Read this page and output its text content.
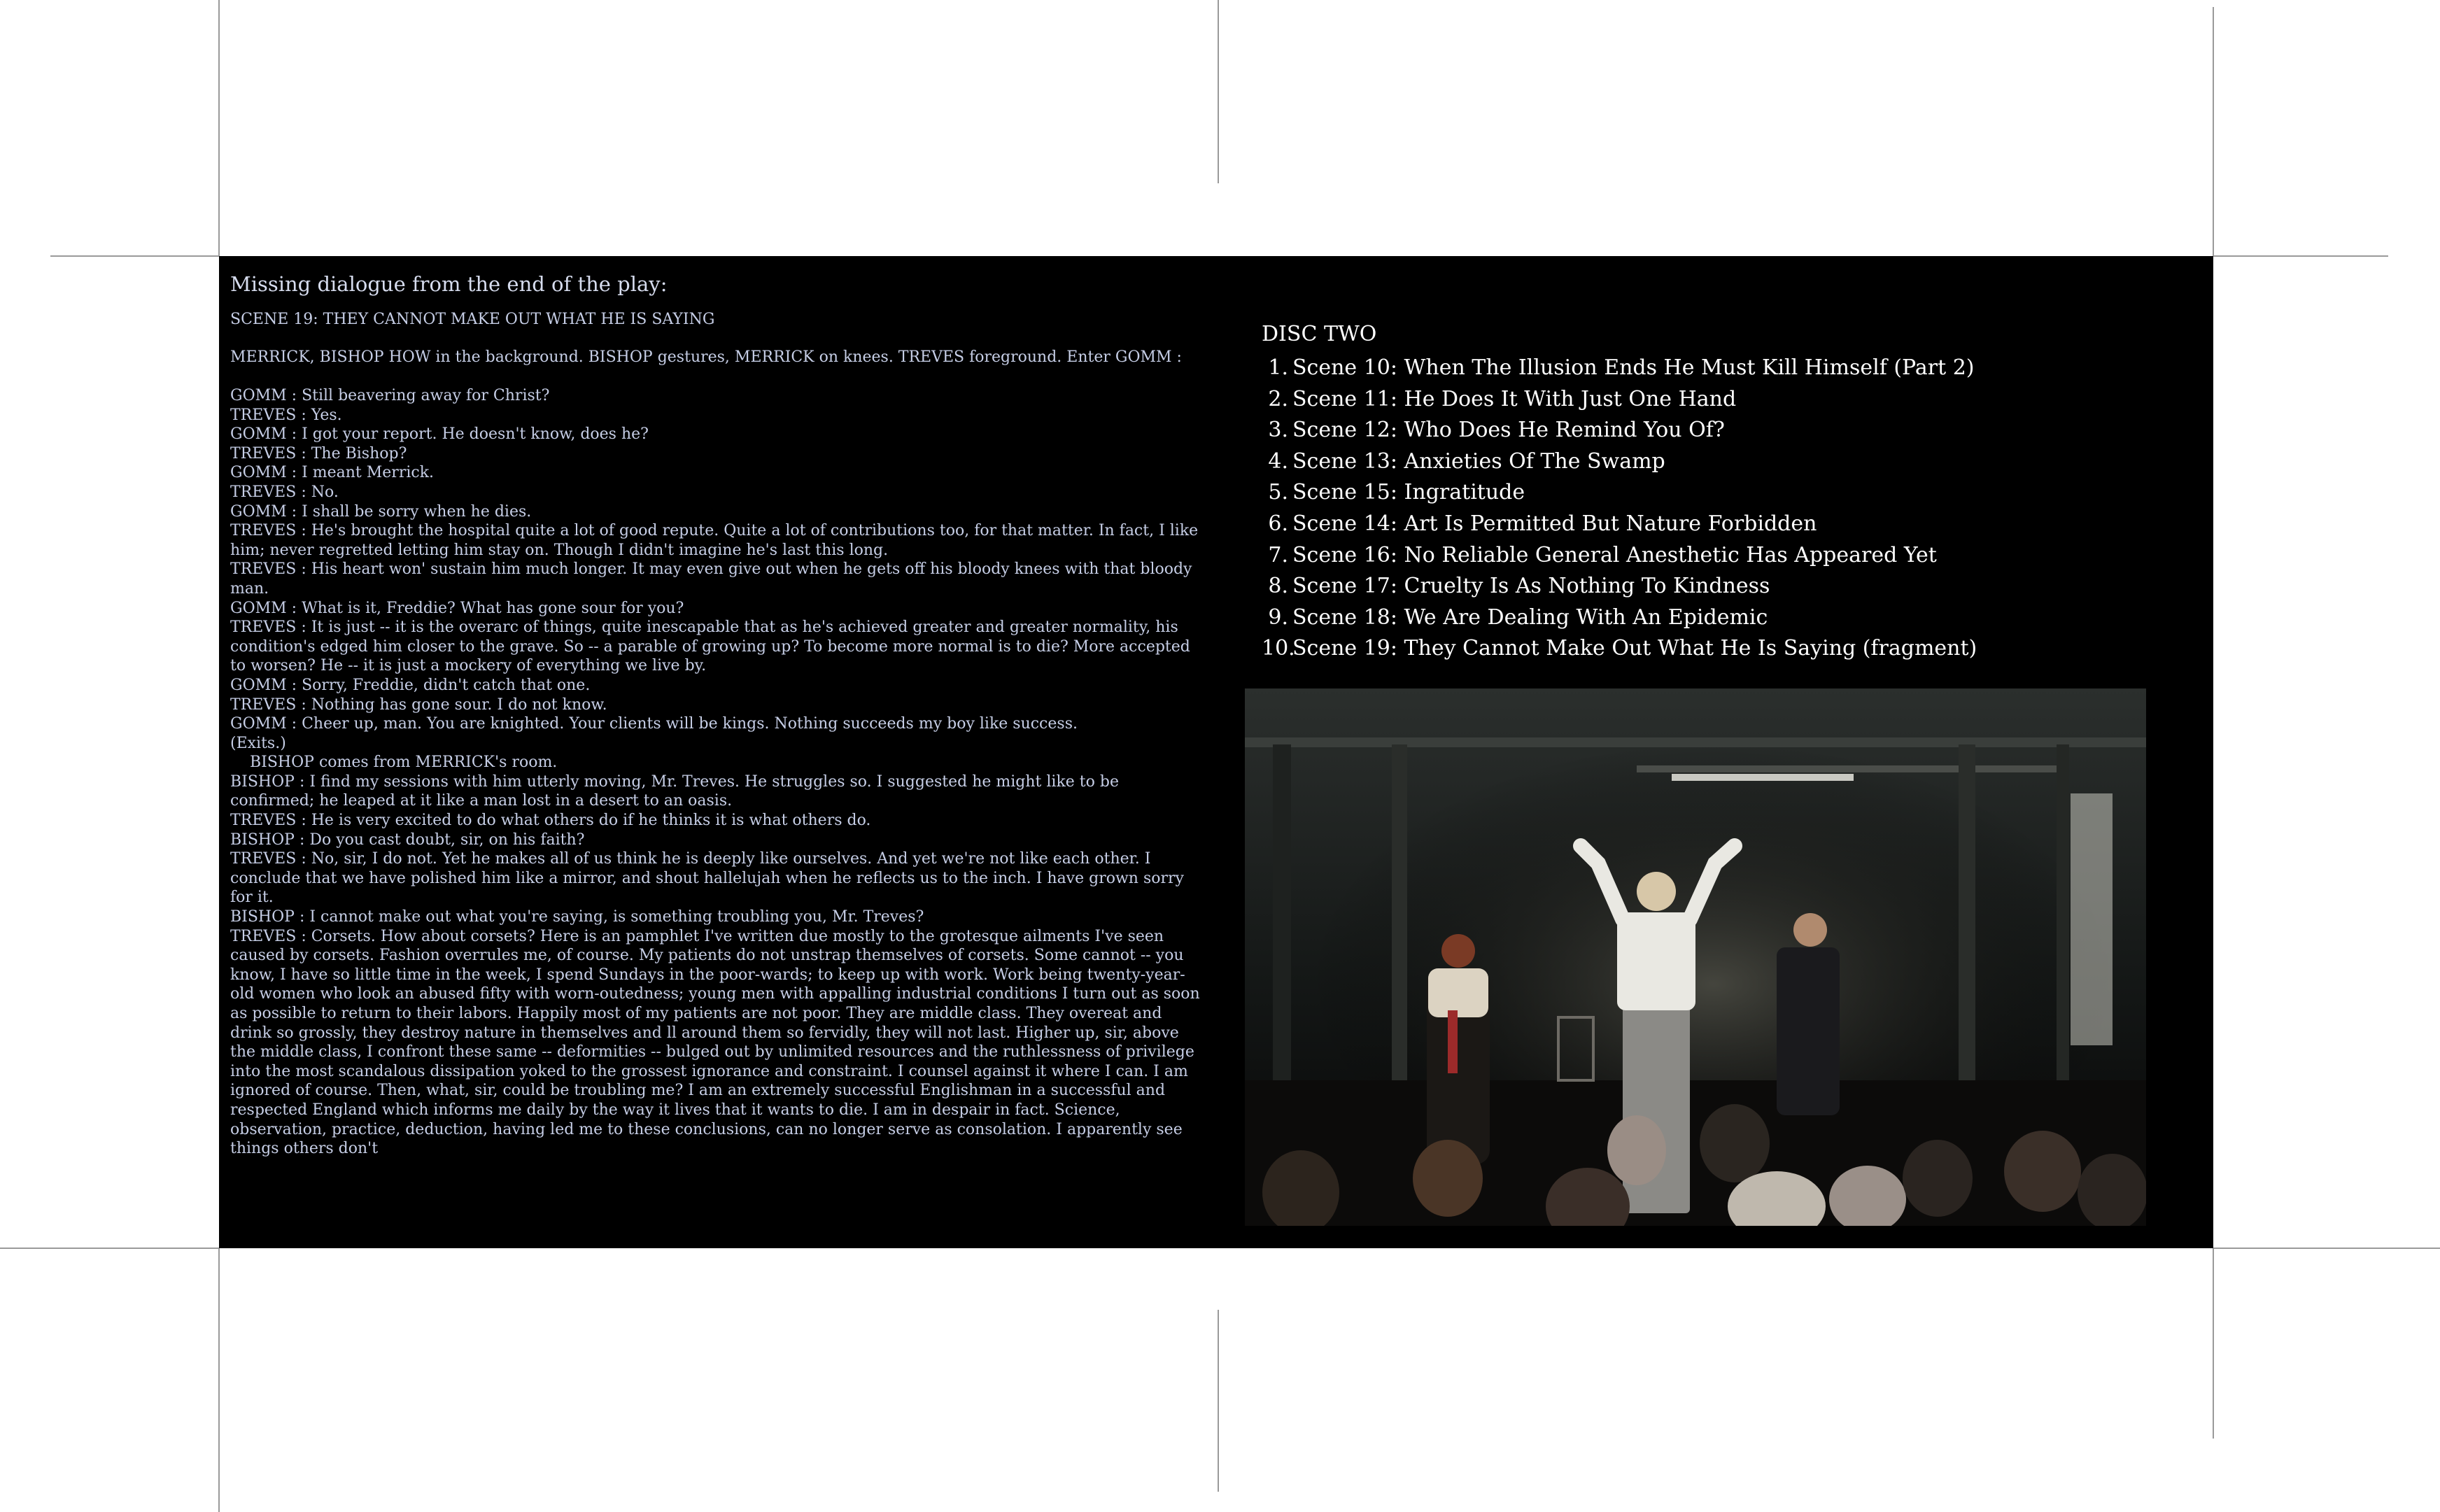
Missing dialogue from the end of the play:
SCENE 19: THEY CANNOT MAKE OUT WHAT HE IS SAYING
MERRICK, BISHOP HOW in the background. BISHOP gestures, MERRICK on knees. TREVES foreground. Enter GOMM :

GOMM : Still beavering away for Christ?

TREVES : Yes.

GOMM : I got your report. He doesn't know, does he?

TREVES : The Bishop?

GOMM : I meant Merrick.

TREVES : No.

GOMM : I shall be sorry when he dies.

TREVES : He's brought the hospital quite a lot of good repute. Quite a lot of contributions too, for that matter. In fact, I like him; never regretted letting him stay on. Though I didn't imagine he's last this long.

TREVES : His heart won' sustain him much longer. It may even give out when he gets off his bloody knees with that bloody man.

GOMM : What is it, Freddie? What has gone sour for you?

TREVES : It is just -- it is the overarc of things, quite inescapable that as he's achieved greater and greater normality, his condition's edged him closer to the grave. So -- a parable of growing up? To become more normal is to die? More accepted to worsen? He -- it is just a mockery of everything we live by.

GOMM : Sorry, Freddie, didn't catch that one.

TREVES : Nothing has gone sour. I do not know.

GOMM : Cheer up, man. You are knighted. Your clients will be kings. Nothing succeeds my boy like success.

(Exits.)

BISHOP comes from MERRICK's room.

BISHOP : I find my sessions with him utterly moving, Mr. Treves. He struggles so. I suggested he might like to be confirmed; he leaped at it like a man lost in a desert to an oasis.

TREVES : He is very excited to do what others do if he thinks it is what others do.

BISHOP : Do you cast doubt, sir, on his faith?

TREVES : No, sir, I do not. Yet he makes all of us think he is deeply like ourselves. And yet we're not like each other. I conclude that we have polished him like a mirror, and shout hallelujah when he reflects us to the inch. I have grown sorry for it.

BISHOP : I cannot make out what you're saying, is something troubling you, Mr. Treves?

TREVES : Corsets. How about corsets? Here is an pamphlet I've written due mostly to the grotesque ailments I've seen caused by corsets. Fashion overrules me, of course. My patients do not unstrap themselves of corsets. Some cannot -- you know, I have so little time in the week, I spend Sundays in the poor-wards; to keep up with work. Work being twenty-year-old women who look an abused fifty with worn-outedness; young men with appalling industrial conditions I turn out as soon as possible to return to their labors. Happily most of my patients are not poor. They are middle class. They overeat and drink so grossly, they destroy nature in themselves and ll around them so fervidly, they will not last. Higher up, sir, above the middle class, I confront these same -- deformities -- bulged out by unlimited resources and the ruthlessness of privilege into the most scandalous dissipation yoked to the grossest ignorance and constraint. I counsel against it where I can. I am ignored of course. Then, what, sir, could be troubling me? I am an extremely successful Englishman in a successful and respected England which informs me daily by the way it lives that it wants to die. I am in despair in fact. Science, observation, practice, deduction, having led me to these conclusions, can no longer serve as consolation. I apparently see things others don't

DISC TWO
1. Scene 10: When The Illusion Ends He Must Kill Himself (Part 2)
2. Scene 11: He Does It With Just One Hand
3. Scene 12: Who Does He Remind You Of?
4. Scene 13: Anxieties Of The Swamp
5. Scene 15: Ingratitude
6. Scene 14: Art Is Permitted But Nature Forbidden
7. Scene 16: No Reliable General Anesthetic Has Appeared Yet
8. Scene 17: Cruelty Is As Nothing To Kindness
9. Scene 18: We Are Dealing With An Epidemic
10.Scene 19: They Cannot Make Out What He Is Saying (fragment)
